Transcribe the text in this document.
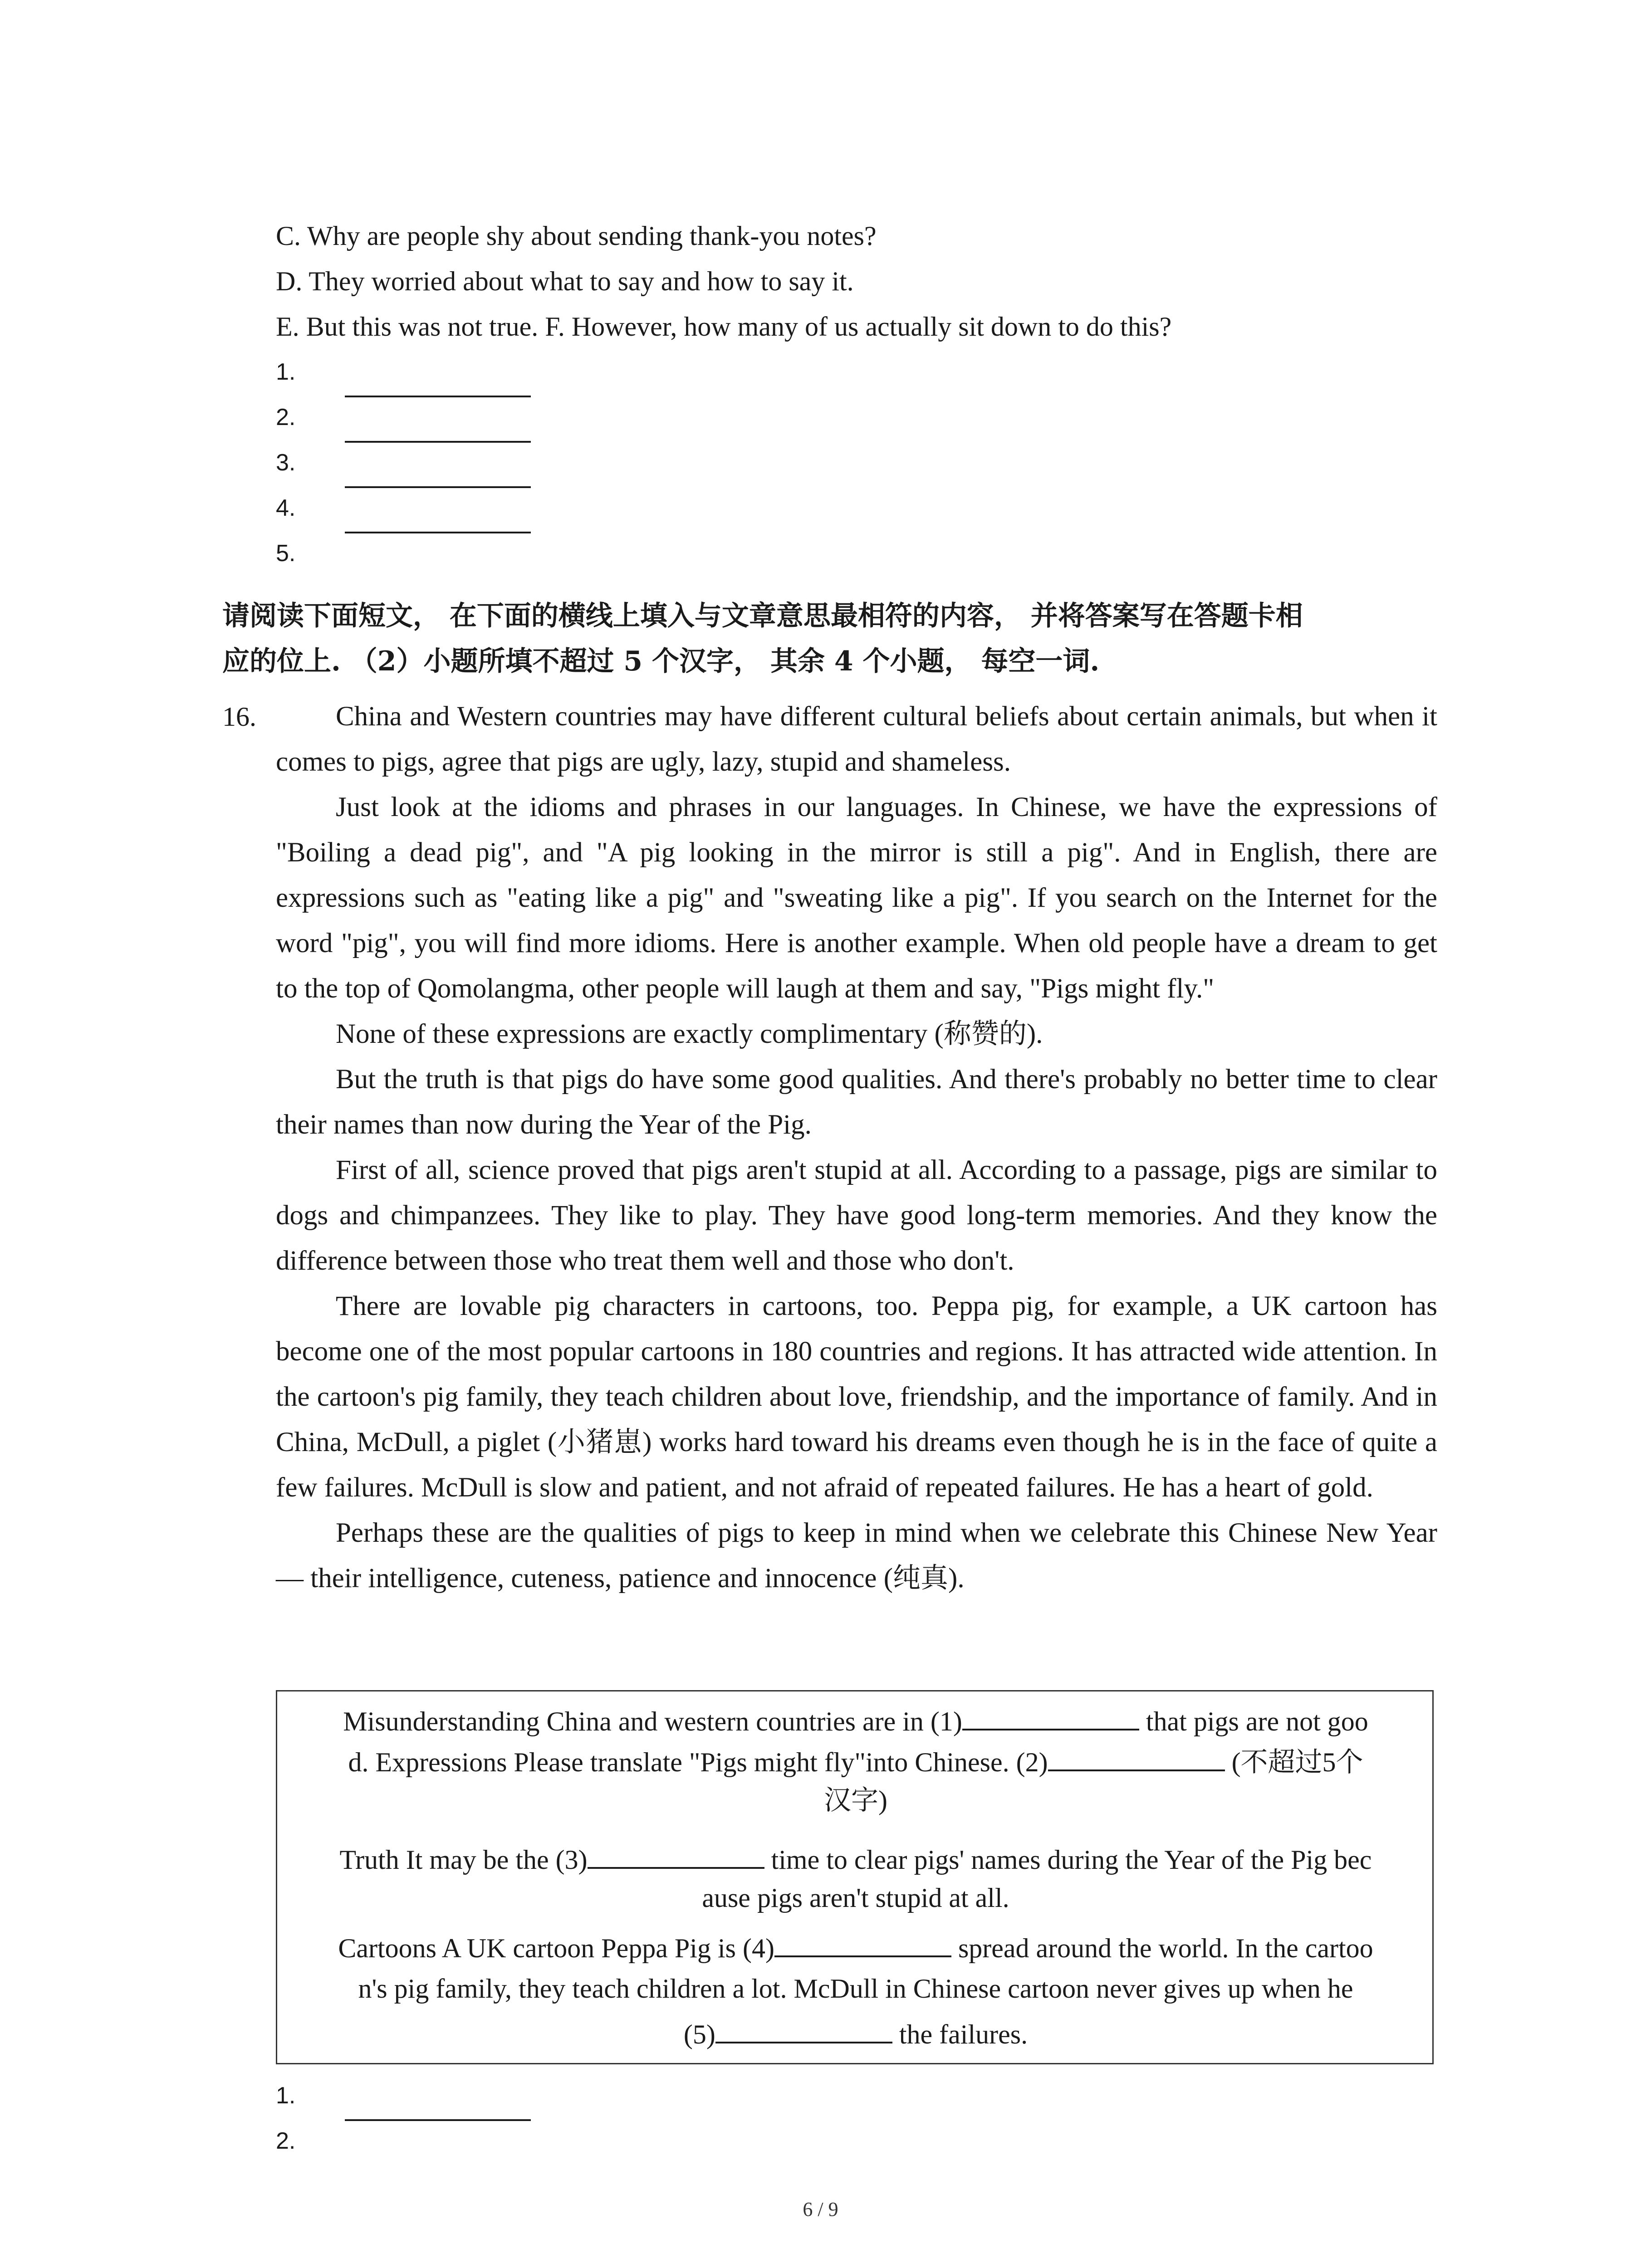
C. Why are people shy about sending thank-you notes?
D. They worried about what to say and how to say it.
E. But this was not true. F. However, how many of us actually sit down to do this?
1.
2.
3.
4.
5.
请阅读下面短文， 在下面的横线上填入与文章意思最相符的内容， 并将答案写在答题卡相
应的位上. （2）小题所填不超过 5 个汉字， 其余 4 个小题， 每空一词.
16.	China and Western countries may have different cultural beliefs about certain animals, but when it comes to pigs, agree that pigs are ugly, lazy, stupid and shameless.

Just look at the idioms and phrases in our languages. In Chinese, we have the expressions of "Boiling a dead pig", and "A pig looking in the mirror is still a pig". And in English, there are expressions such as "eating like a pig" and "sweating like a pig". If you search on the Internet for the word "pig", you will find more idioms. Here is another example. When old people have a dream to get to the top of Qomolangma, other people will laugh at them and say, "Pigs might fly."

None of these expressions are exactly complimentary (称赞的).

But the truth is that pigs do have some good qualities. And there's probably no better time to clear their names than now during the Year of the Pig.

First of all, science proved that pigs aren't stupid at all. According to a passage, pigs are similar to dogs and chimpanzees. They like to play. They have good long-term memories. And they know the difference between those who treat them well and those who don't.

There are lovable pig characters in cartoons, too. Peppa pig, for example, a UK cartoon has become one of the most popular cartoons in 180 countries and regions. It has attracted wide attention. In the cartoon's pig family, they teach children about love, friendship, and the importance of family. And in China, McDull, a piglet (小猪崽) works hard toward his dreams even though he is in the face of quite a few failures. McDull is slow and patient, and not afraid of repeated failures. He has a heart of gold.

Perhaps these are the qualities of pigs to keep in mind when we celebrate this Chinese New Year — their intelligence, cuteness, patience and innocence (纯真).

Misunderstanding China and western countries are in (1)	that pigs are not goo
d. Expressions Please translate "Pigs might fly"into Chinese. (2)	(不超过5个
汉字)
Truth It may be the (3)	time to clear pigs' names during the Year of the Pig bec
ause pigs aren't stupid at all.
Cartoons A UK cartoon Peppa Pig is (4)	spread around the world. In the cartoo
n's pig family, they teach children a lot. McDull in Chinese cartoon never gives up when he
(5)	the failures.
1.
2.
6 / 9
